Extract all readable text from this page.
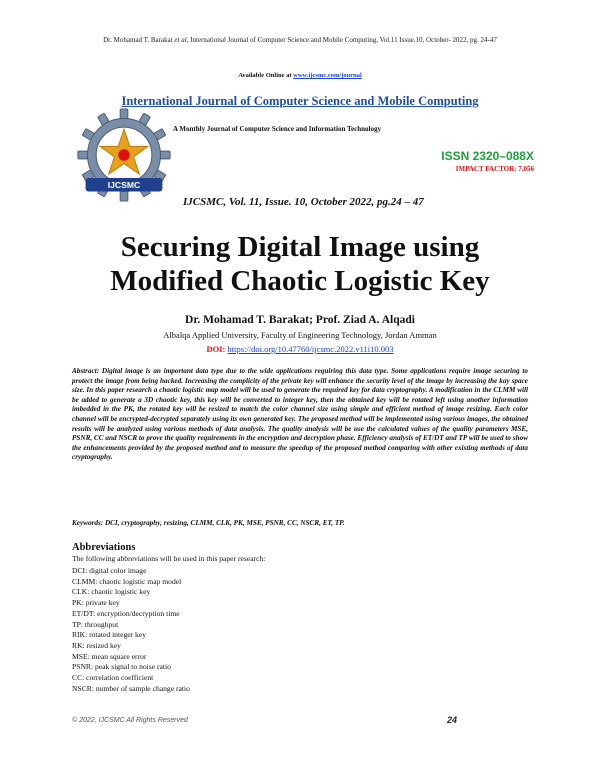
Dr. Mohamad T. Barakat et al, International Journal of Computer Science and Mobile Computing, Vol.11 Issue.10, October- 2022, pg. 24-47
Available Online at www.ijcsmc.com/journal
International Journal of Computer Science and Mobile Computing
IJCSMC
A Monthly Journal of Computer Science and Information Technology
ISSN 2320–088X
IMPACT FACTOR: 7.056
IJCSMC, Vol. 11, Issue. 10, October 2022, pg.24 – 47
Securing Digital Image using
Modified Chaotic Logistic Key
Dr. Mohamad T. Barakat; Prof. Ziad A. Alqadi
Albalqa Applied University, Faculty of Engineering Technology, Jordan Amman
DOI: https://doi.org/10.47760/ijcsmc.2022.v11i10.003

Abstract: Digital image is an important data type due to the wide applications requiring this data type. Some applications require image securing to protect the image from being hacked. Increasing the complicity of the private key will enhance the security level of the image by increasing the kay space size. In this paper research a chaotic logistic map model will be used to generate the required key for data cryptography. A modification in the CLMM will be added to generate a 3D chaotic key, this key will be converted to integer key, then the obtained key will be rotated left using another information imbedded in the PK, the rotated key will be resized to match the color channel size using simple and efficient method of image resizing. Each color channel will be encrypted-decrypted separately using its own generated key. The proposed method will be implemented using various images, the obtained results will be analyzed using various methods of data analysis. The quality analysis will be use the calculated values of the quality parameters MSE, PSNR, CC and NSCR to prove the quality requirements in the encryption and decryption phase. Efficiency analysis of ET/DT and TP will be used to show the enhancements provided by the proposed method and to measure the speedup of the proposed method comparing with other existing methods of data cryptography.

Keywords: DCI, cryptography, resizing, CLMM, CLK, PK, MSE, PSNR, CC, NSCR, ET, TP.
Abbreviations
The following abbreviations will be used in this paper research:
DCI: digital color image
CLMM: chaotic logistic map model
CLK: chaotic logistic key
PK: private key
ET/DT: encryption/decryption time
TP: throughput
RIK: rotated integer key
RK: resized key
MSE: mean square error
PSNR: peak signal to noise ratio
CC: correlation coefficient
NSCR: number of sample change ratio
© 2022, IJCSMC All Rights Reserved	24
